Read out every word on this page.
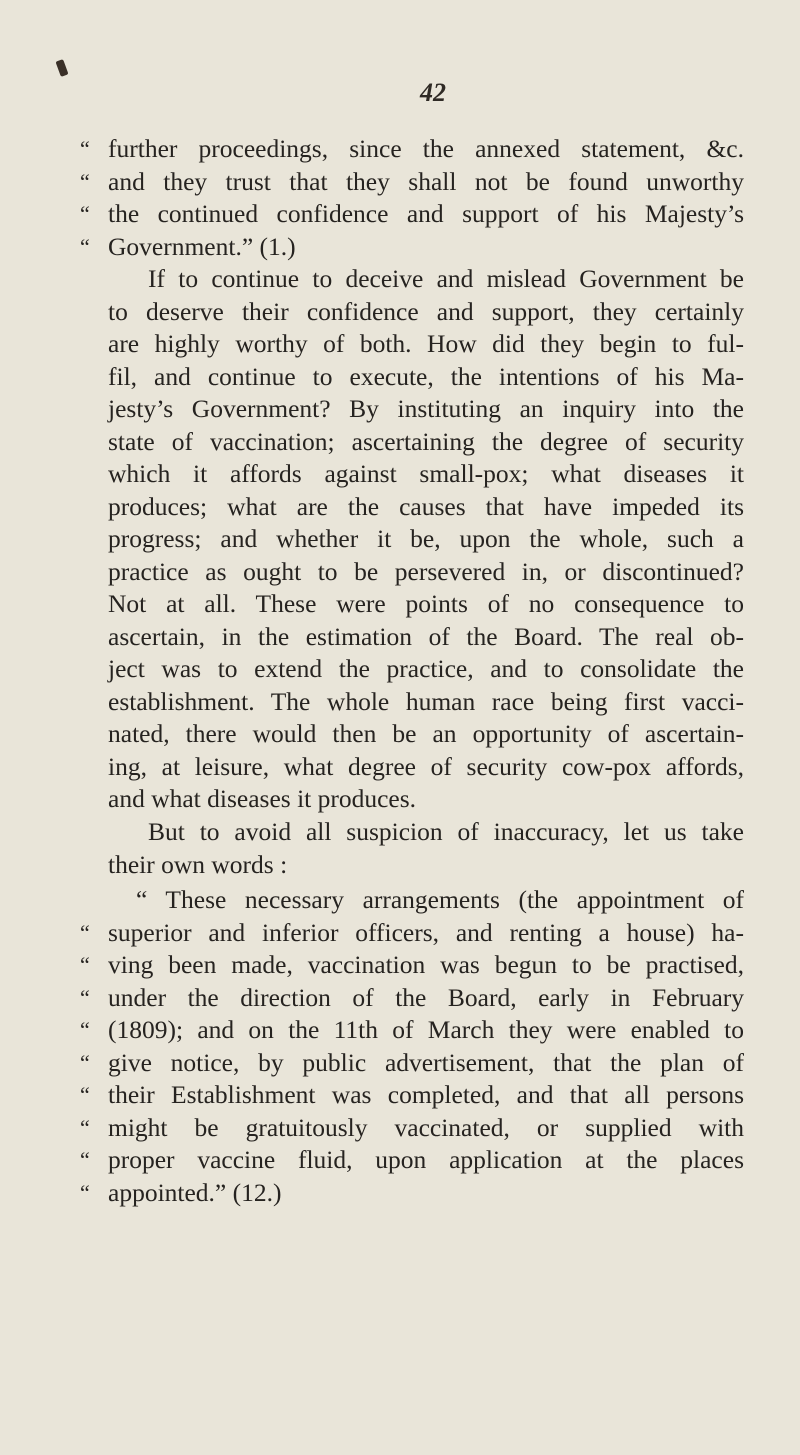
42
“ further proceedings, since the annexed statement, &c.
“ and they trust that they shall not be found unworthy
“ the continued confidence and support of his Majesty’s
“ Government.” (1.)
If to continue to deceive and mislead Government be
to deserve their confidence and support, they certainly
are highly worthy of both. How did they begin to ful-
fil, and continue to execute, the intentions of his Ma-
jesty’s Government? By instituting an inquiry into the
state of vaccination; ascertaining the degree of security
which it affords against small-pox; what diseases it
produces; what are the causes that have impeded its
progress; and whether it be, upon the whole, such a
practice as ought to be persevered in, or discontinued?
Not at all. These were points of no consequence to
ascertain, in the estimation of the Board. The real ob-
ject was to extend the practice, and to consolidate the
establishment. The whole human race being first vacci-
nated, there would then be an opportunity of ascertain-
ing, at leisure, what degree of security cow-pox affords,
and what diseases it produces.
But to avoid all suspicion of inaccuracy, let us take
their own words :
“ These necessary arrangements (the appointment of
“ superior and inferior officers, and renting a house) ha-
“ ving been made, vaccination was begun to be practised,
“ under the direction of the Board, early in February
“ (1809); and on the 11th of March they were enabled to
“ give notice, by public advertisement, that the plan of
“ their Establishment was completed, and that all persons
“ might be gratuitously vaccinated, or supplied with
“ proper vaccine fluid, upon application at the places
“ appointed.” (12.)
